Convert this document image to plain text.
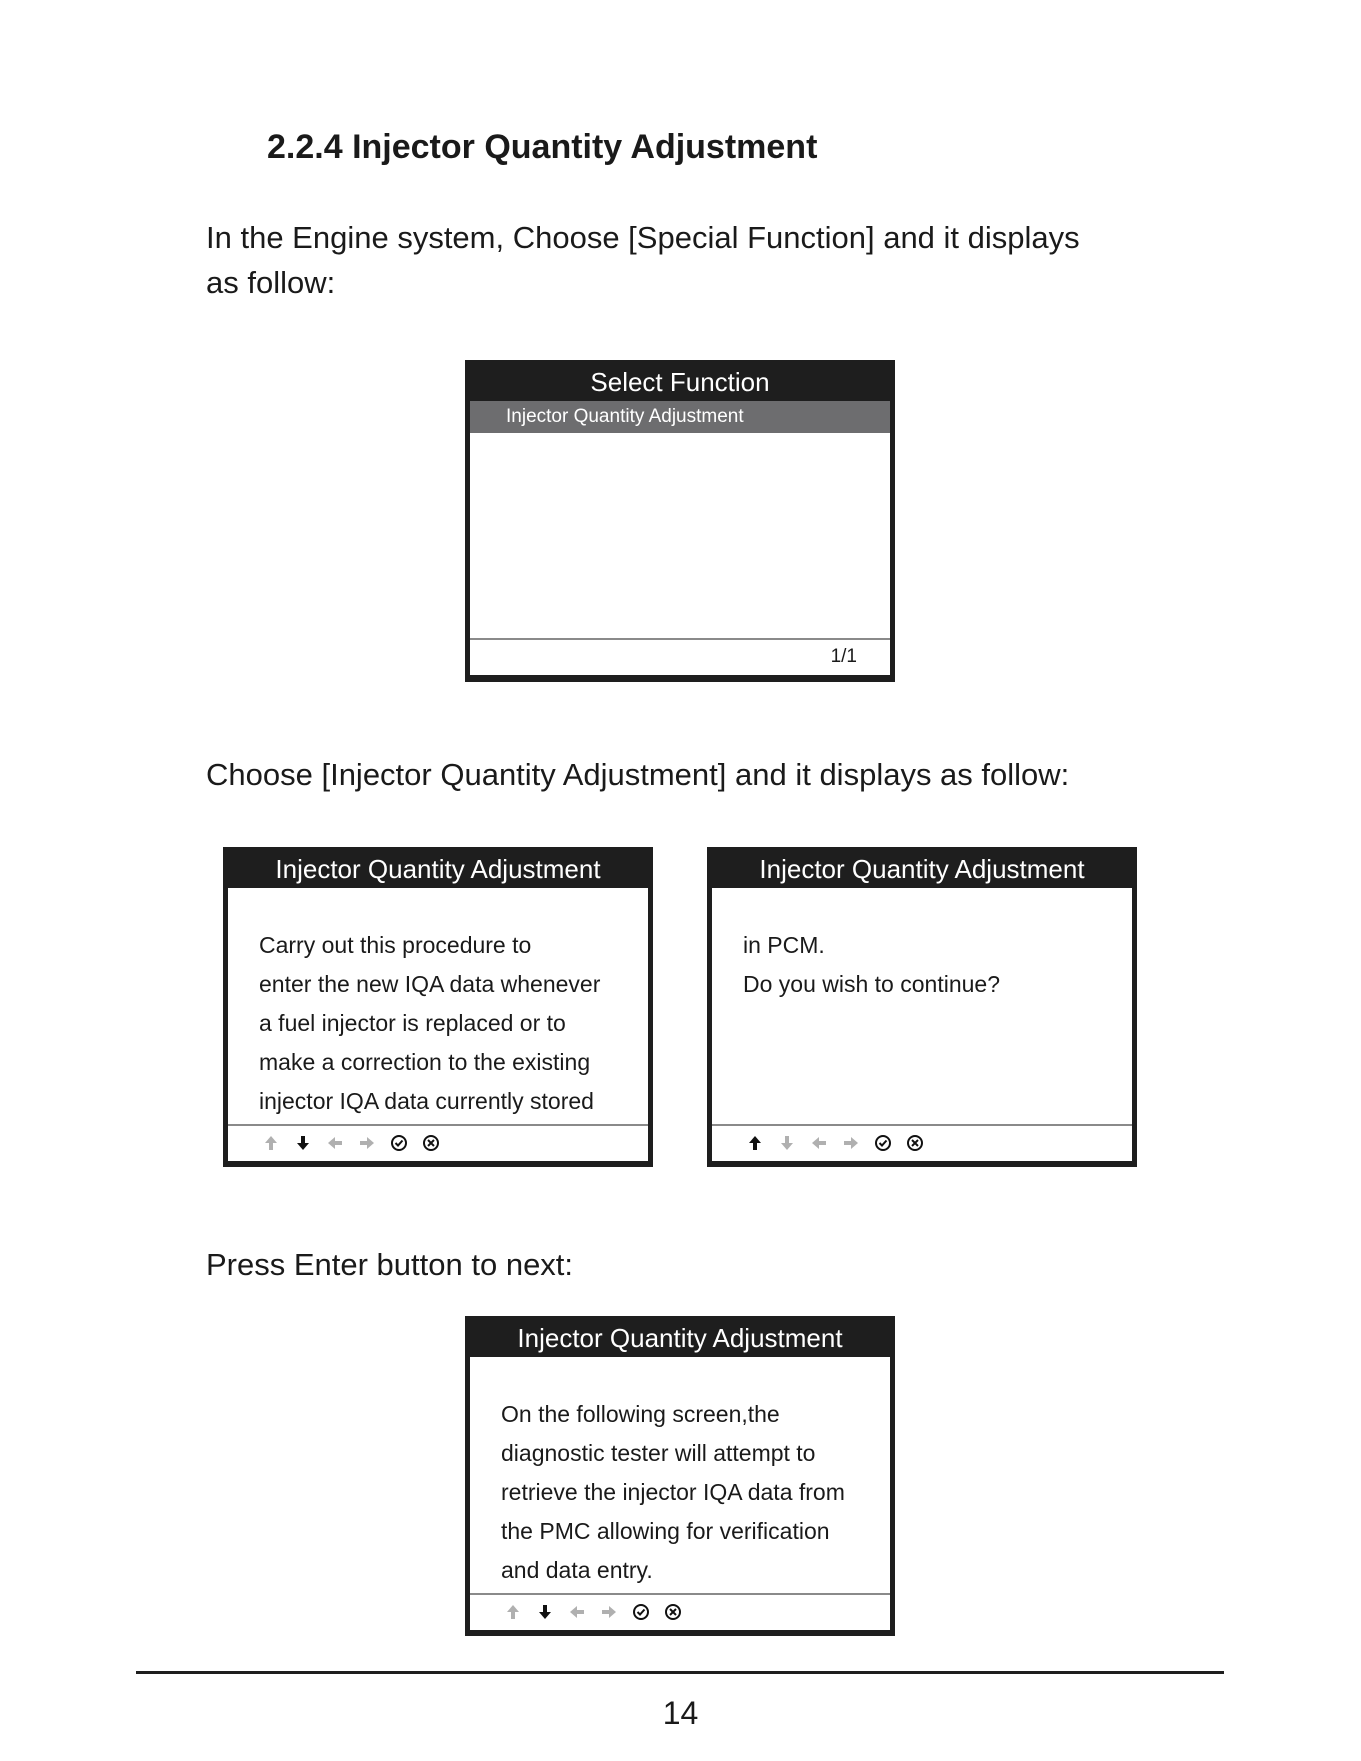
2.2.4 Injector Quantity Adjustment
In the Engine system, Choose [Special Function] and it displays
as follow:
Select Function
Injector Quantity Adjustment
1/1
Choose [Injector Quantity Adjustment] and it displays as follow:
Injector Quantity Adjustment
Carry out this procedure to
enter the new IQA data whenever
a fuel injector is replaced or to
make a correction to the existing
injector IQA data currently stored
Injector Quantity Adjustment
in PCM.
Do you wish to continue?
Press Enter button to next:
Injector Quantity Adjustment
On the following screen,the
diagnostic tester will attempt to
retrieve the injector IQA data from
the PMC allowing for verification
and data entry.
14
